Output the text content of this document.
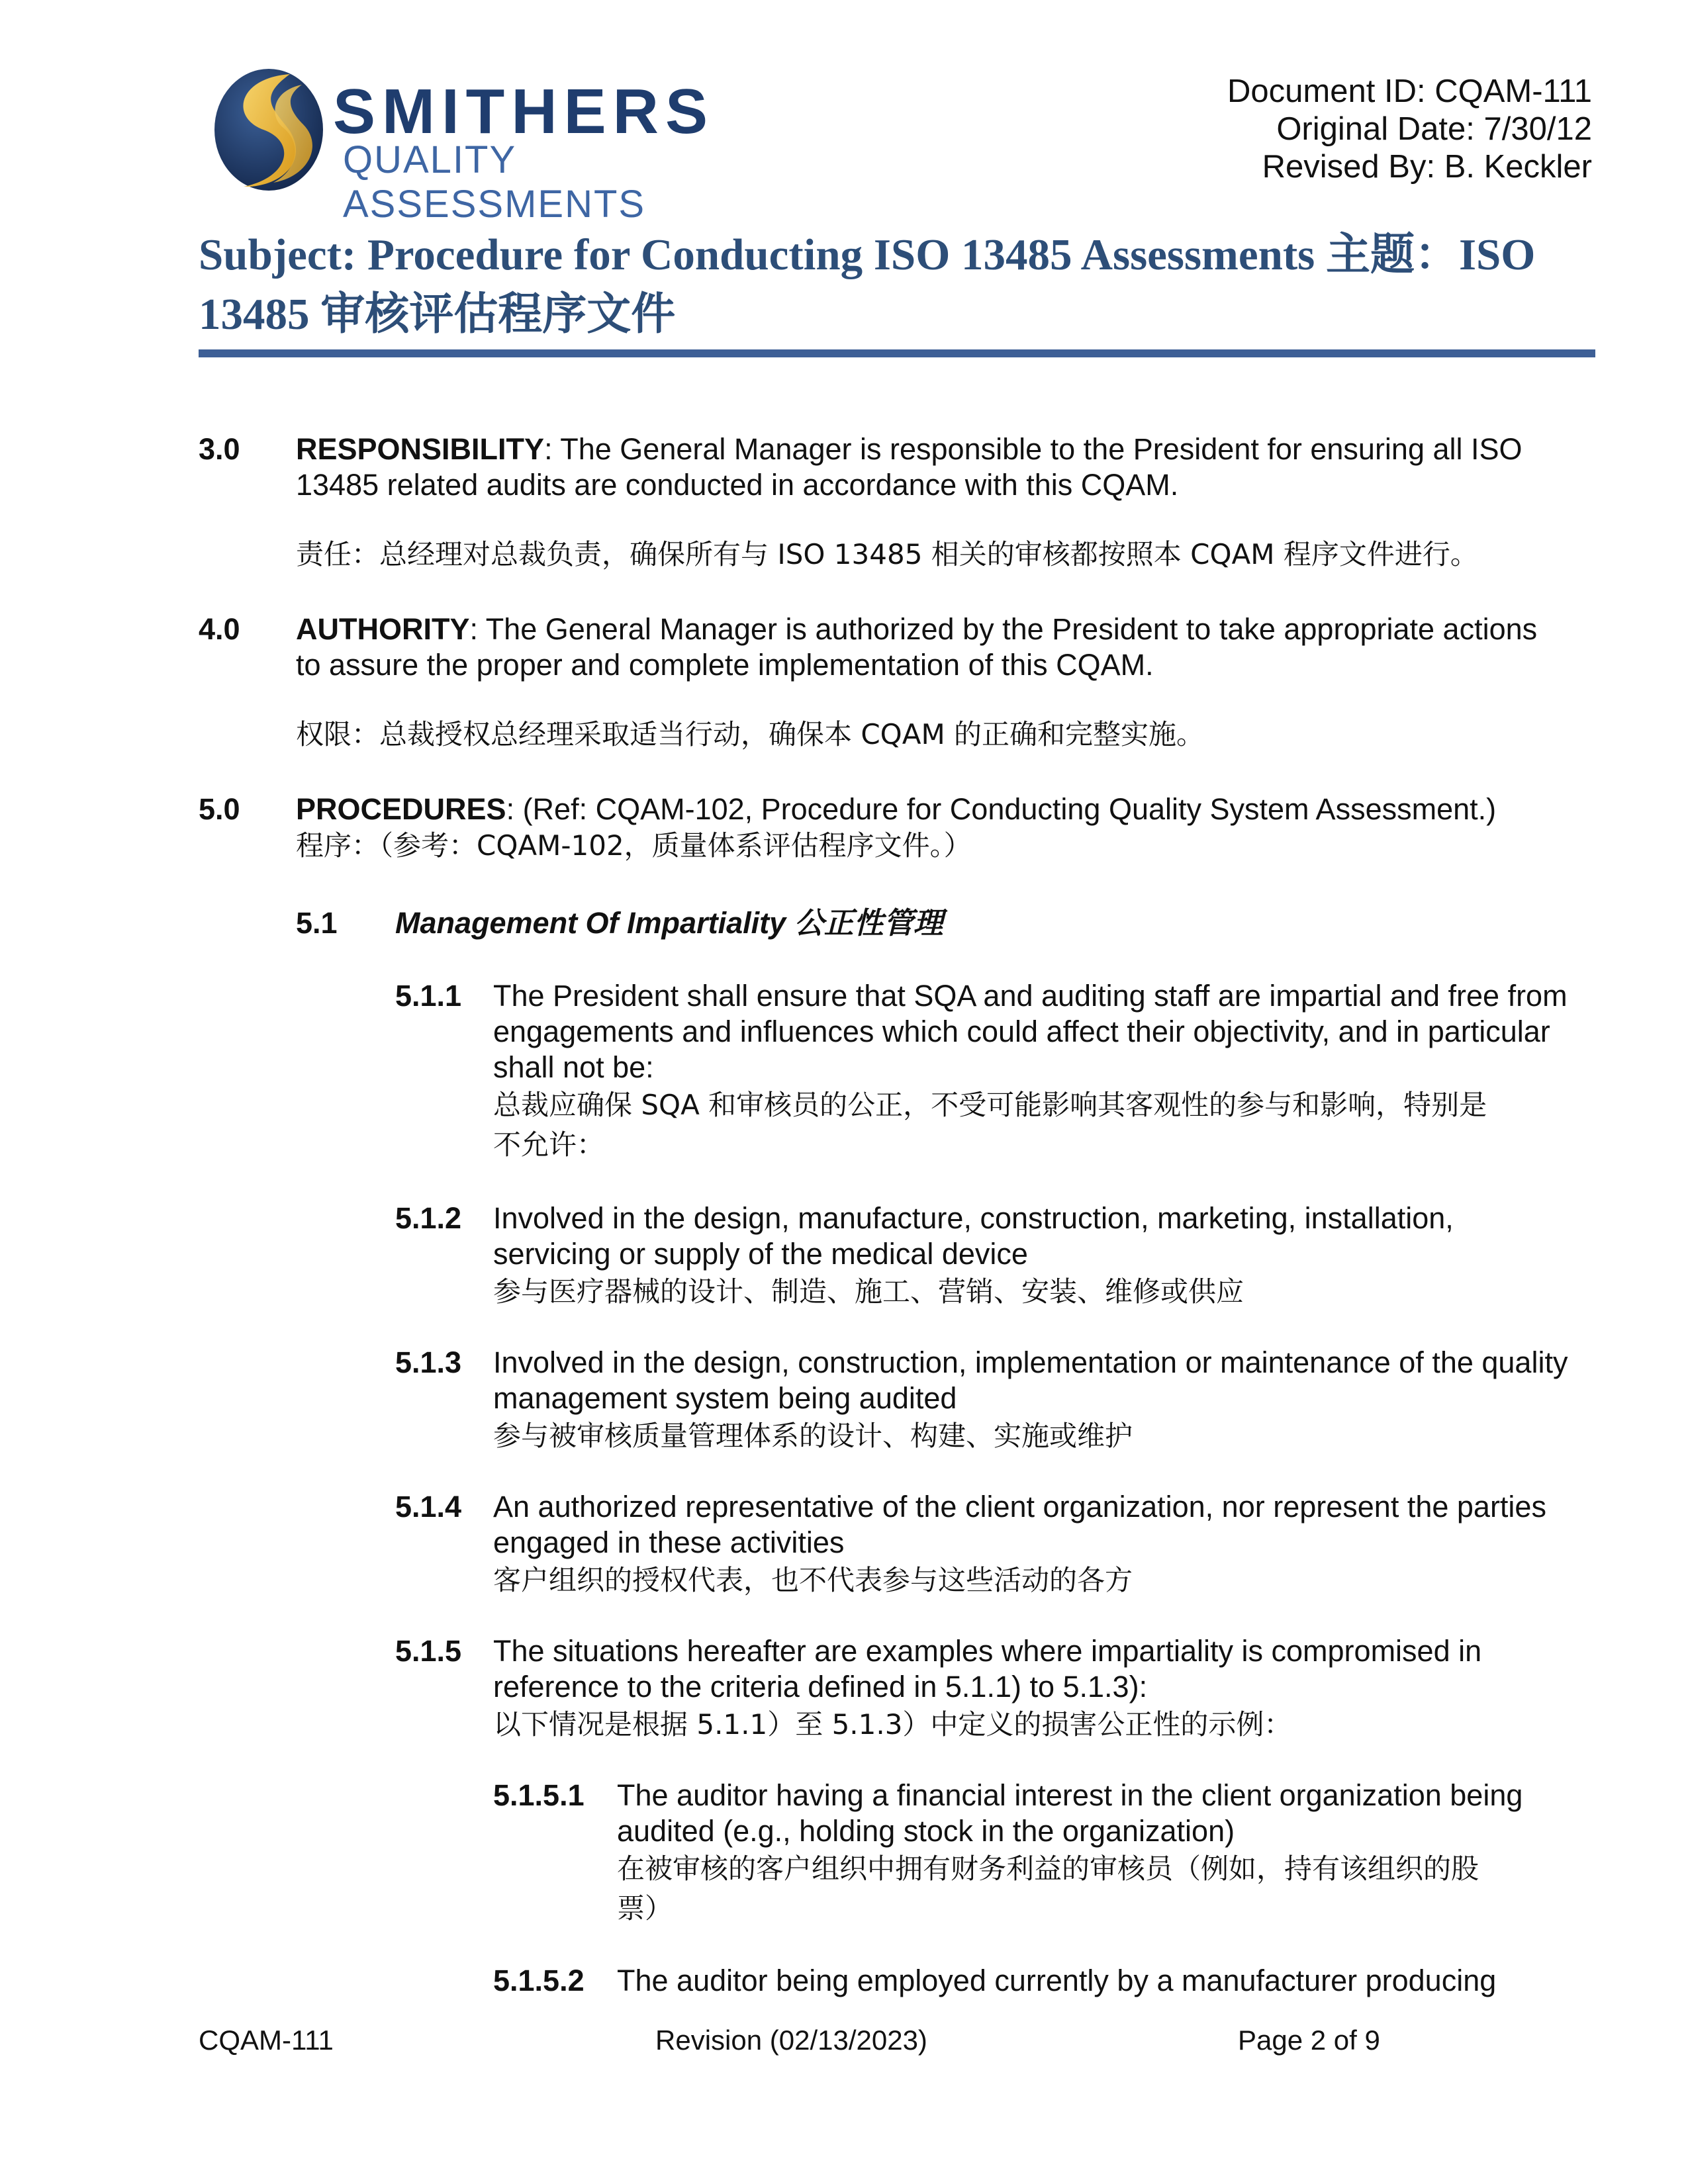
SMITHERS
QUALITY ASSESSMENTS
Document ID: CQAM-111
Original Date: 7/30/12
Revised By: B. Keckler
Subject: Procedure for Conducting ISO 13485 Assessments 主题：ISO
13485 审核评估程序文件
3.0 RESPONSIBILITY: The General Manager is responsible to the President for ensuring all ISO
13485 related audits are conducted in accordance with this CQAM.
责任：总经理对总裁负责，确保所有与 ISO 13485 相关的审核都按照本 CQAM 程序文件进行。
4.0 AUTHORITY: The General Manager is authorized by the President to take appropriate actions
to assure the proper and complete implementation of this CQAM.
权限：总裁授权总经理采取适当行动，确保本 CQAM 的正确和完整实施。
5.0 PROCEDURES: (Ref: CQAM-102, Procedure for Conducting Quality System Assessment.)
程序：（参考：CQAM-102，质量体系评估程序文件。）
5.1 Management Of Impartiality 公正性管理
5.1.1 The President shall ensure that SQA and auditing staff are impartial and free from
engagements and influences which could affect their objectivity, and in particular
shall not be:
总裁应确保 SQA 和审核员的公正，不受可能影响其客观性的参与和影响，特别是
不允许：
5.1.2 Involved in the design, manufacture, construction, marketing, installation,
servicing or supply of the medical device
参与医疗器械的设计、制造、施工、营销、安装、维修或供应
5.1.3 Involved in the design, construction, implementation or maintenance of the quality
management system being audited
参与被审核质量管理体系的设计、构建、实施或维护
5.1.4 An authorized representative of the client organization, nor represent the parties
engaged in these activities
客户组织的授权代表，也不代表参与这些活动的各方
5.1.5 The situations hereafter are examples where impartiality is compromised in
reference to the criteria defined in 5.1.1) to 5.1.3):
以下情况是根据 5.1.1）至 5.1.3）中定义的损害公正性的示例：
5.1.5.1 The auditor having a financial interest in the client organization being
audited (e.g., holding stock in the organization)
在被审核的客户组织中拥有财务利益的审核员（例如，持有该组织的股
票）
5.1.5.2 The auditor being employed currently by a manufacturer producing
CQAM-111	Revision (02/13/2023)	Page 2 of 9
